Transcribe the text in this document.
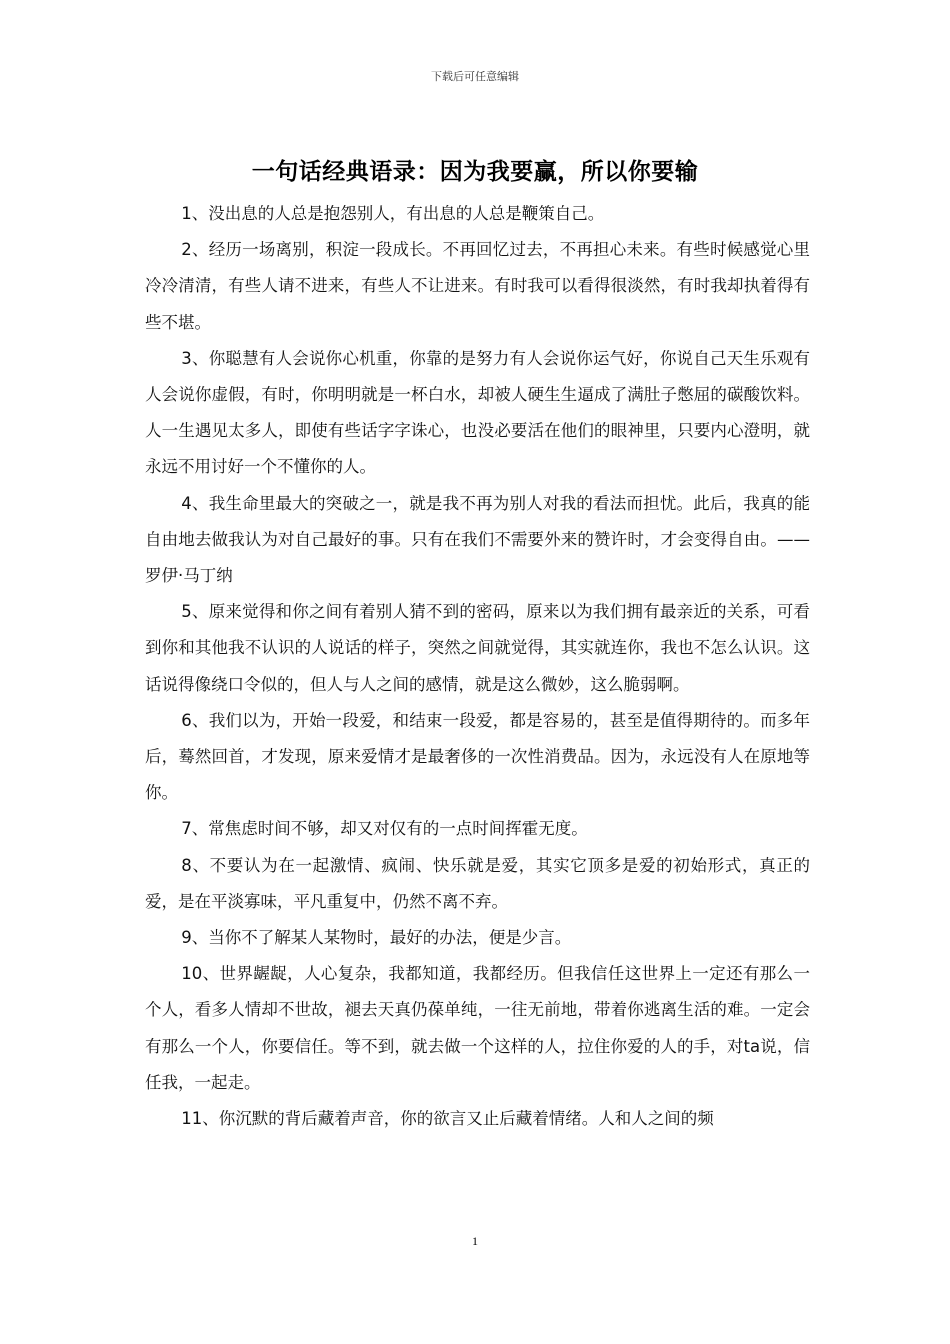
下载后可任意编辑
一句话经典语录：因为我要赢，所以你要输

1、没出息的人总是抱怨别人，有出息的人总是鞭策自己。

2、经历一场离别，积淀一段成长。不再回忆过去，不再担心未来。有些时候感觉心里冷冷清清，有些人请不进来，有些人不让进来。有时我可以看得很淡然，有时我却执着得有些不堪。

3、你聪慧有人会说你心机重，你靠的是努力有人会说你运气好，你说自己天生乐观有人会说你虚假，有时，你明明就是一杯白水，却被人硬生生逼成了满肚子憋屈的碳酸饮料。人一生遇见太多人，即使有些话字字诛心，也没必要活在他们的眼神里，只要内心澄明，就永远不用讨好一个不懂你的人。

4、我生命里最大的突破之一，就是我不再为别人对我的看法而担忧。此后，我真的能自由地去做我认为对自己最好的事。只有在我们不需要外来的赞许时，才会变得自由。——罗伊·马丁纳

5、原来觉得和你之间有着别人猜不到的密码，原来以为我们拥有最亲近的关系，可看到你和其他我不认识的人说话的样子，突然之间就觉得，其实就连你，我也不怎么认识。这话说得像绕口令似的，但人与人之间的感情，就是这么微妙，这么脆弱啊。

6、我们以为，开始一段爱，和结束一段爱，都是容易的，甚至是值得期待的。而多年后，蓦然回首，才发现，原来爱情才是最奢侈的一次性消费品。因为，永远没有人在原地等你。

7、常焦虑时间不够，却又对仅有的一点时间挥霍无度。

8、不要认为在一起激情、疯闹、快乐就是爱，其实它顶多是爱的初始形式，真正的爱，是在平淡寡味，平凡重复中，仍然不离不弃。

9、当你不了解某人某物时，最好的办法，便是少言。

10、世界龌龊，人心复杂，我都知道，我都经历。但我信任这世界上一定还有那么一个人，看多人情却不世故，褪去天真仍葆单纯，一往无前地，带着你逃离生活的难。一定会有那么一个人，你要信任。等不到，就去做一个这样的人，拉住你爱的人的手，对ta说，信任我，一起走。

11、你沉默的背后藏着声音，你的欲言又止后藏着情绪。人和人之间的频

1
